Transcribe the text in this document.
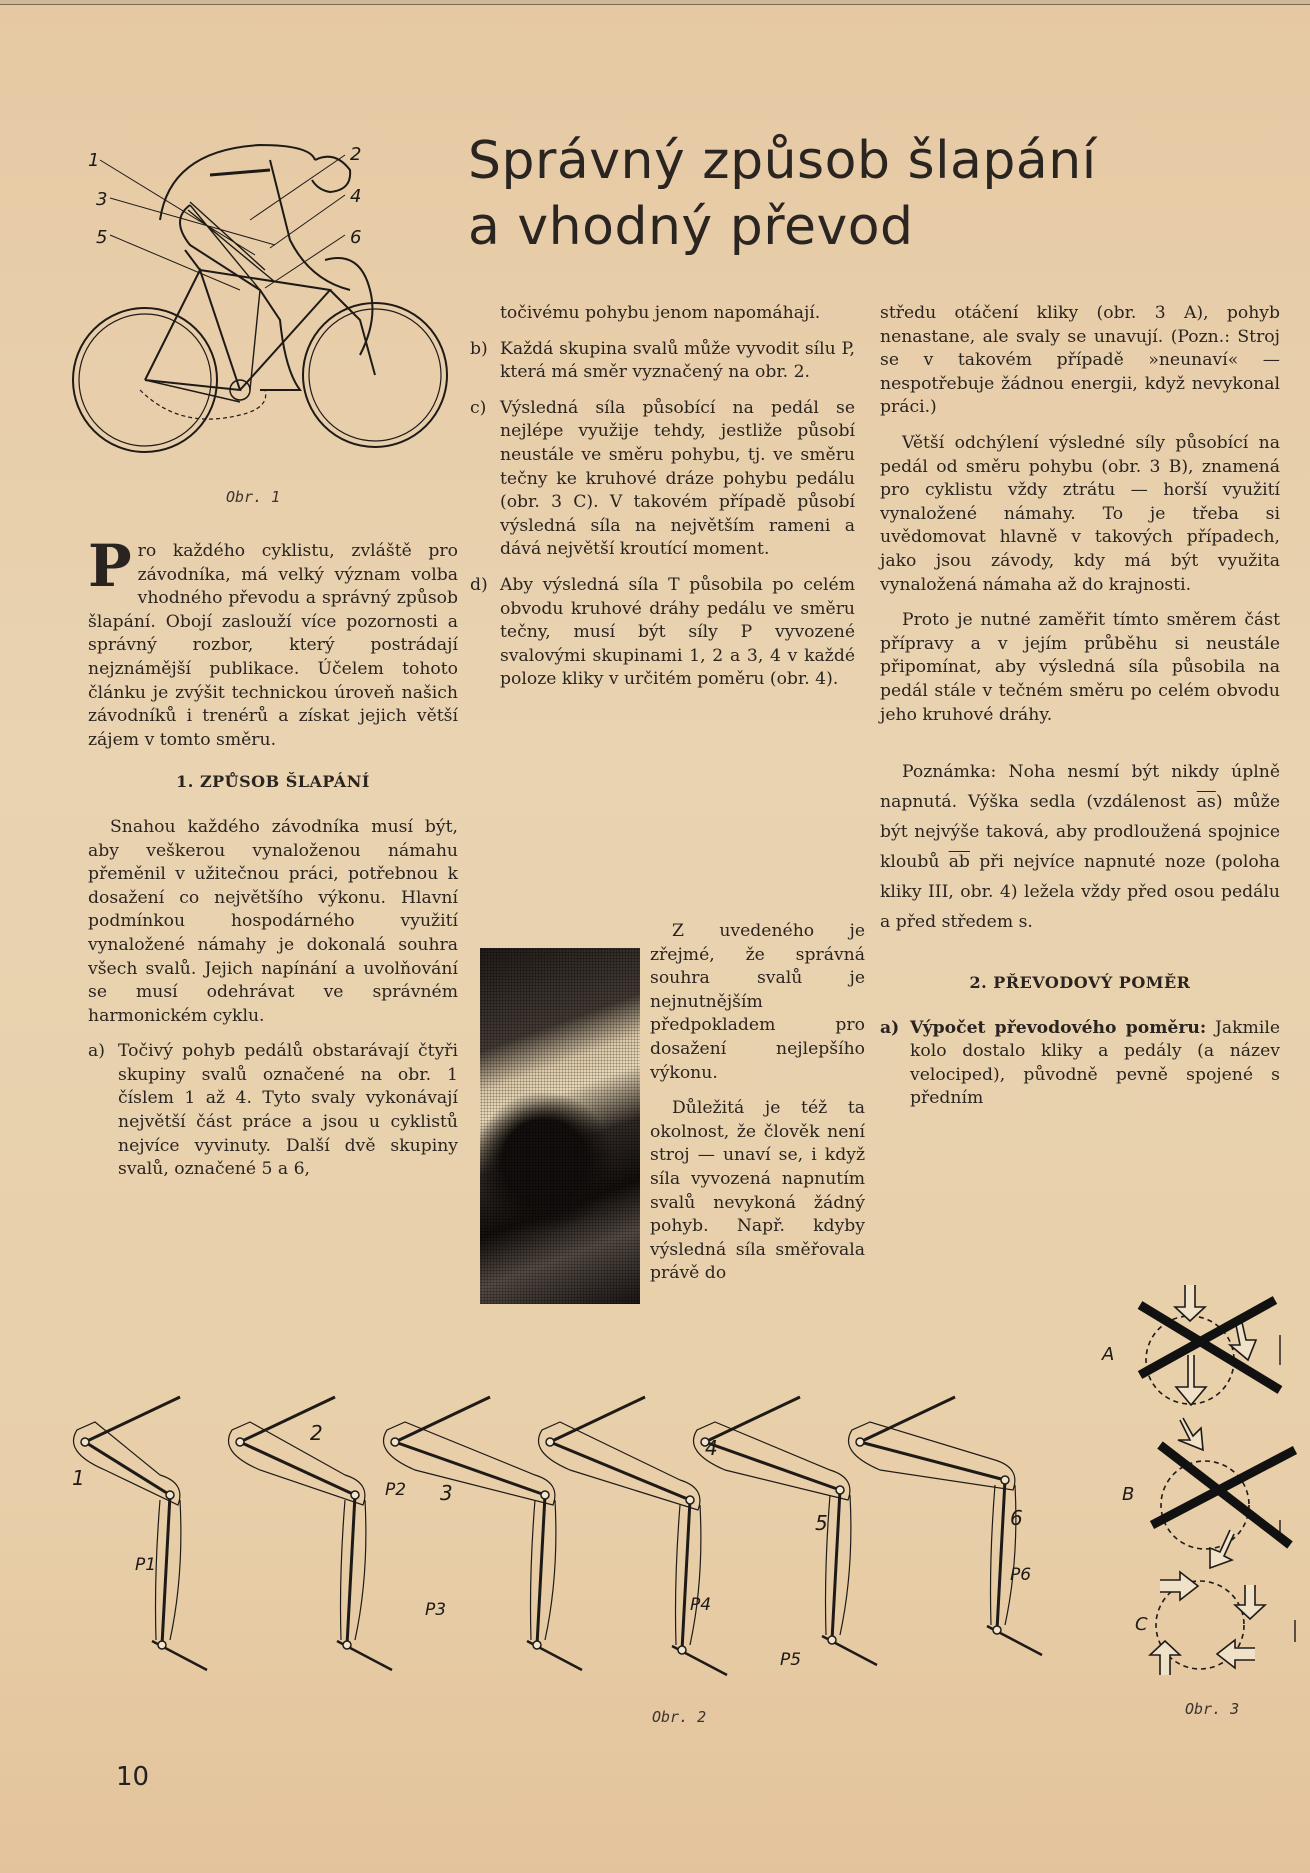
Správný způsob šlapání
a vhodný převod
1	2
3	4
5	6
Obr. 1

Pro každého cyklistu, zvláště pro závodníka, má velký význam volba vhodného převodu a správný způsob šlapání. Obojí zaslouží více pozornosti a správný rozbor, který postrádají nejznámější publikace. Účelem tohoto článku je zvýšit technickou úroveň našich závodníků i trenérů a získat jejich větší zájem v tomto směru.

1. ZPŮSOB ŠLAPÁNÍ

Snahou každého závodníka musí být, aby veškerou vynaloženou námahu přeměnil v užitečnou práci, potřebnou k dosažení co největšího výkonu. Hlavní podmínkou hospodárného využití vynaložené námahy je dokonalá souhra všech svalů. Jejich napínání a uvolňování se musí odehrávat ve správném harmonickém cyklu.

a) Točivý pohyb pedálů obstarávají čtyři skupiny svalů označené na obr. 1 číslem 1 až 4. Tyto svaly vykonávají největší část práce a jsou u cyklistů nejvíce vyvinuty. Další dvě skupiny svalů, označené 5 a 6,
točivému pohybu jenom napomáhají.
b) Každá skupina svalů může vyvodit sílu P, která má směr vyznačený na obr. 2.
c) Výsledná síla působící na pedál se nejlépe využije tehdy, jestliže působí neustále ve směru pohybu, tj. ve směru tečny ke kruhové dráze pohybu pedálu (obr. 3 C). V takovém případě působí výsledná síla na největším rameni a dává největší kroutící moment.
d) Aby výsledná síla T působila po celém obvodu kruhové dráhy pedálu ve směru tečny, musí být síly P vyvozené svalovými skupinami 1, 2 a 3, 4 v každé poloze kliky v určitém poměru (obr. 4).

Z uvedeného je zřejmé, že správná souhra svalů je nejnutnějším předpokladem pro dosažení nejlepšího výkonu.

Důležitá je též ta okolnost, že člověk není stroj — unaví se, i když síla vyvozená napnutím svalů nevykoná žádný pohyb. Např. kdyby výsledná síla směřovala právě do

středu otáčení kliky (obr. 3 A), pohyb nenastane, ale svaly se unavují. (Pozn.: Stroj se v takovém případě »neunaví« — nespotřebuje žádnou energii, když nevykonal práci.)

Větší odchýlení výsledné síly působící na pedál od směru pohybu (obr. 3 B), znamená pro cyklistu vždy ztrátu — horší využití vynaložené námahy. To je třeba si uvědomovat hlavně v takových případech, jako jsou závody, kdy má být využita vynaložená námaha až do krajnosti.

Proto je nutné zaměřit tímto směrem část přípravy a v jejím průběhu si neustále připomínat, aby výsledná síla působila na pedál stále v tečném směru po celém obvodu jeho kruhové dráhy.

Poznámka: Noha nesmí být nikdy úplně napnutá. Výška sedla (vzdálenost $\overline{as}$) může být nejvýše taková, aby prodloužená spojnice kloubů $\overline{ab}$ při nejvíce napnuté noze (poloha kliky III, obr. 4) ležela vždy před osou pedálu a před středem s.

2. PŘEVODOVÝ POMĚR
a) Výpočet převodového poměru: Jakmile kolo dostalo kliky a pedály (a název velociped), původně pevně spojené s předním
1
2
3
4
5	6
P1
P2
P3	P4
P5
P6
Obr. 2
A
B
C
Obr. 3
10
